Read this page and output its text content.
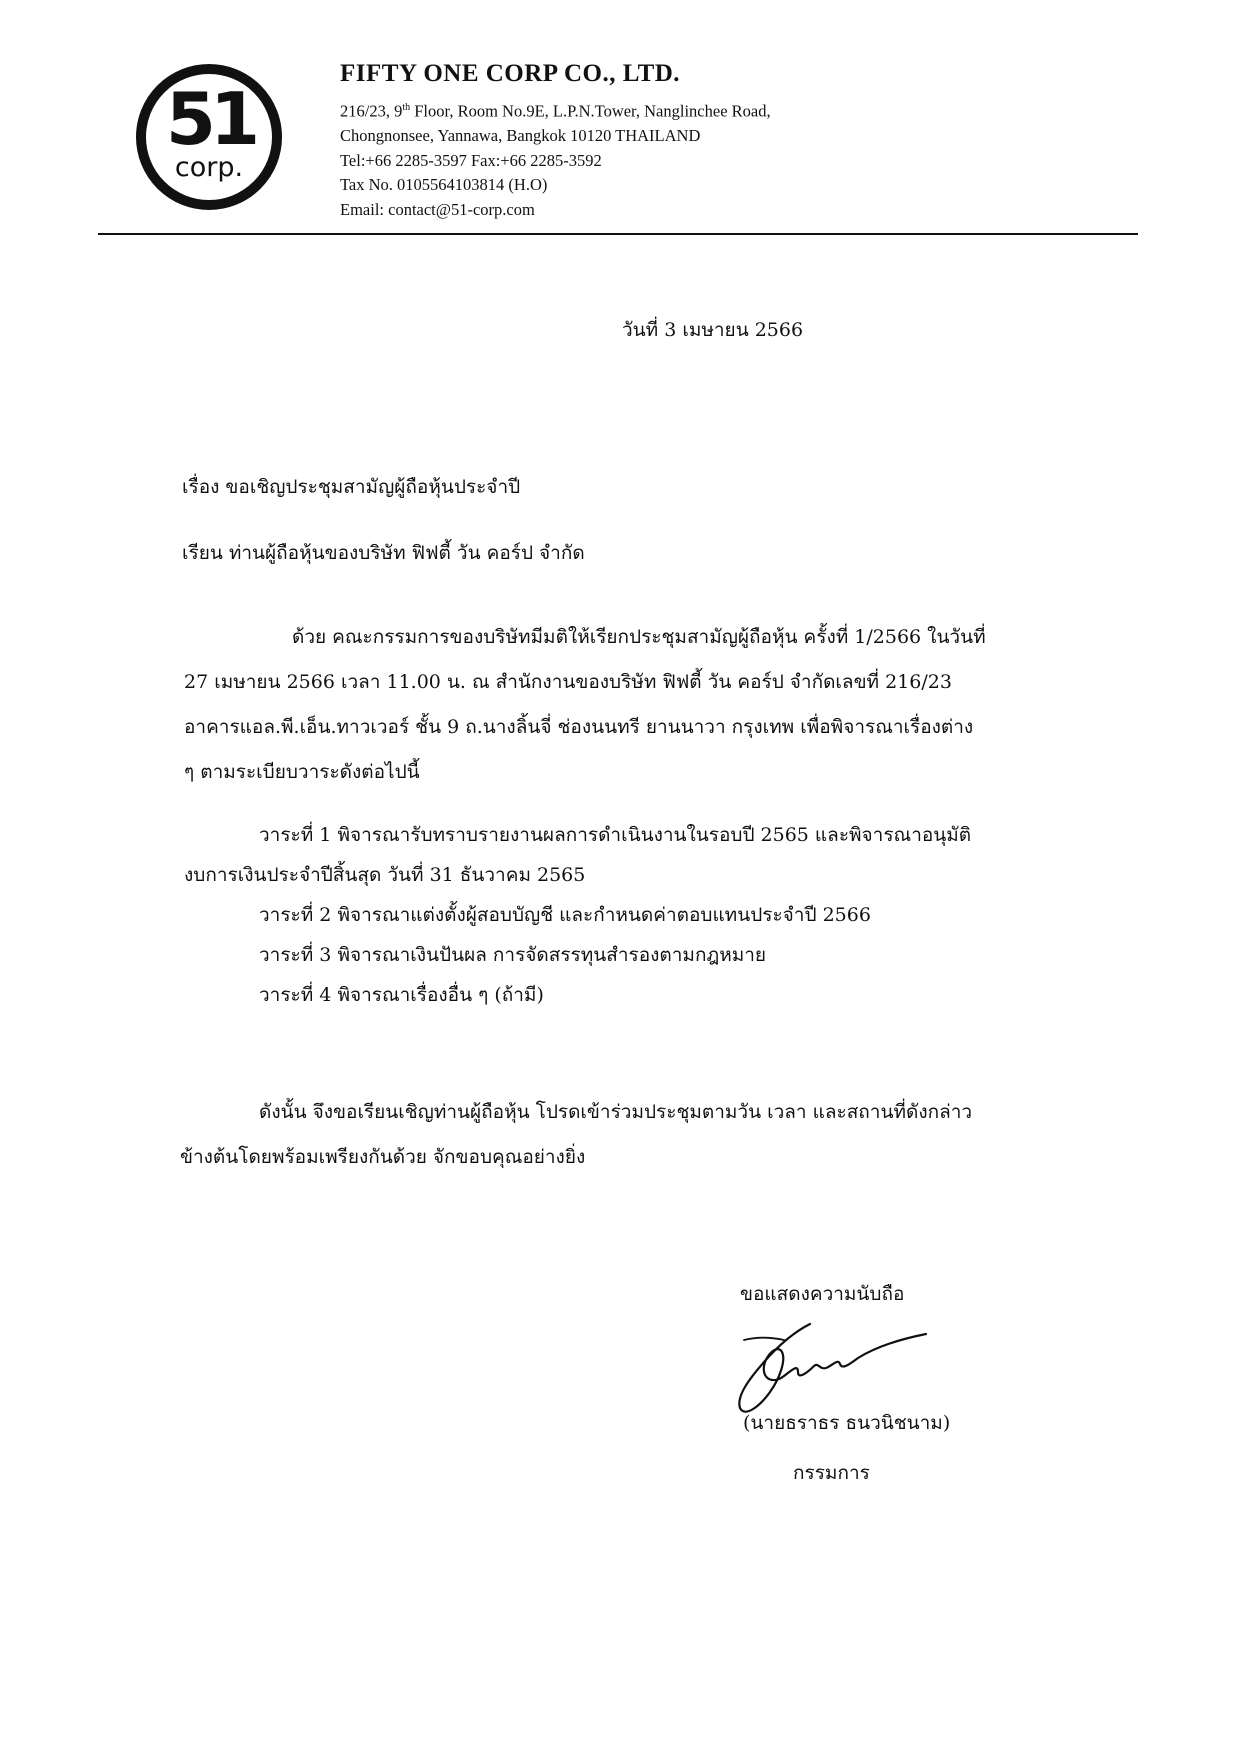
51
corp.
FIFTY ONE CORP CO., LTD.
216/23, 9th Floor, Room No.9E, L.P.N.Tower, Nanglinchee Road,
Chongnonsee, Yannawa, Bangkok 10120 THAILAND
Tel:+66 2285-3597 Fax:+66 2285-3592
Tax No. 0105564103814 (H.O)
Email: contact@51-corp.com
วันที่ 3 เมษายน 2566
เรื่อง ขอเชิญประชุมสามัญผู้ถือหุ้นประจำปี
เรียน ท่านผู้ถือหุ้นของบริษัท ฟิฟตี้ วัน คอร์ป จำกัด
ด้วย คณะกรรมการของบริษัทมีมติให้เรียกประชุมสามัญผู้ถือหุ้น ครั้งที่ 1/2566 ในวันที่
27 เมษายน 2566 เวลา 11.00 น. ณ สำนักงานของบริษัท ฟิฟตี้ วัน คอร์ป จำกัดเลขที่ 216/23
อาคารแอล.พี.เอ็น.ทาวเวอร์ ชั้น 9 ถ.นางลิ้นจี่ ช่องนนทรี ยานนาวา กรุงเทพ เพื่อพิจารณาเรื่องต่าง
ๆ ตามระเบียบวาระดังต่อไปนี้
วาระที่ 1 พิจารณารับทราบรายงานผลการดำเนินงานในรอบปี 2565 และพิจารณาอนุมัติ
งบการเงินประจำปีสิ้นสุด วันที่ 31 ธันวาคม 2565
วาระที่ 2 พิจารณาแต่งตั้งผู้สอบบัญชี และกำหนดค่าตอบแทนประจำปี 2566
วาระที่ 3 พิจารณาเงินปันผล การจัดสรรทุนสำรองตามกฎหมาย
วาระที่ 4 พิจารณาเรื่องอื่น ๆ (ถ้ามี)
ดังนั้น จึงขอเรียนเชิญท่านผู้ถือหุ้น โปรดเข้าร่วมประชุมตามวัน เวลา และสถานที่ดังกล่าว
ข้างต้นโดยพร้อมเพรียงกันด้วย จักขอบคุณอย่างยิ่ง
ขอแสดงความนับถือ
(นายธราธร ธนวนิชนาม)
กรรมการ
